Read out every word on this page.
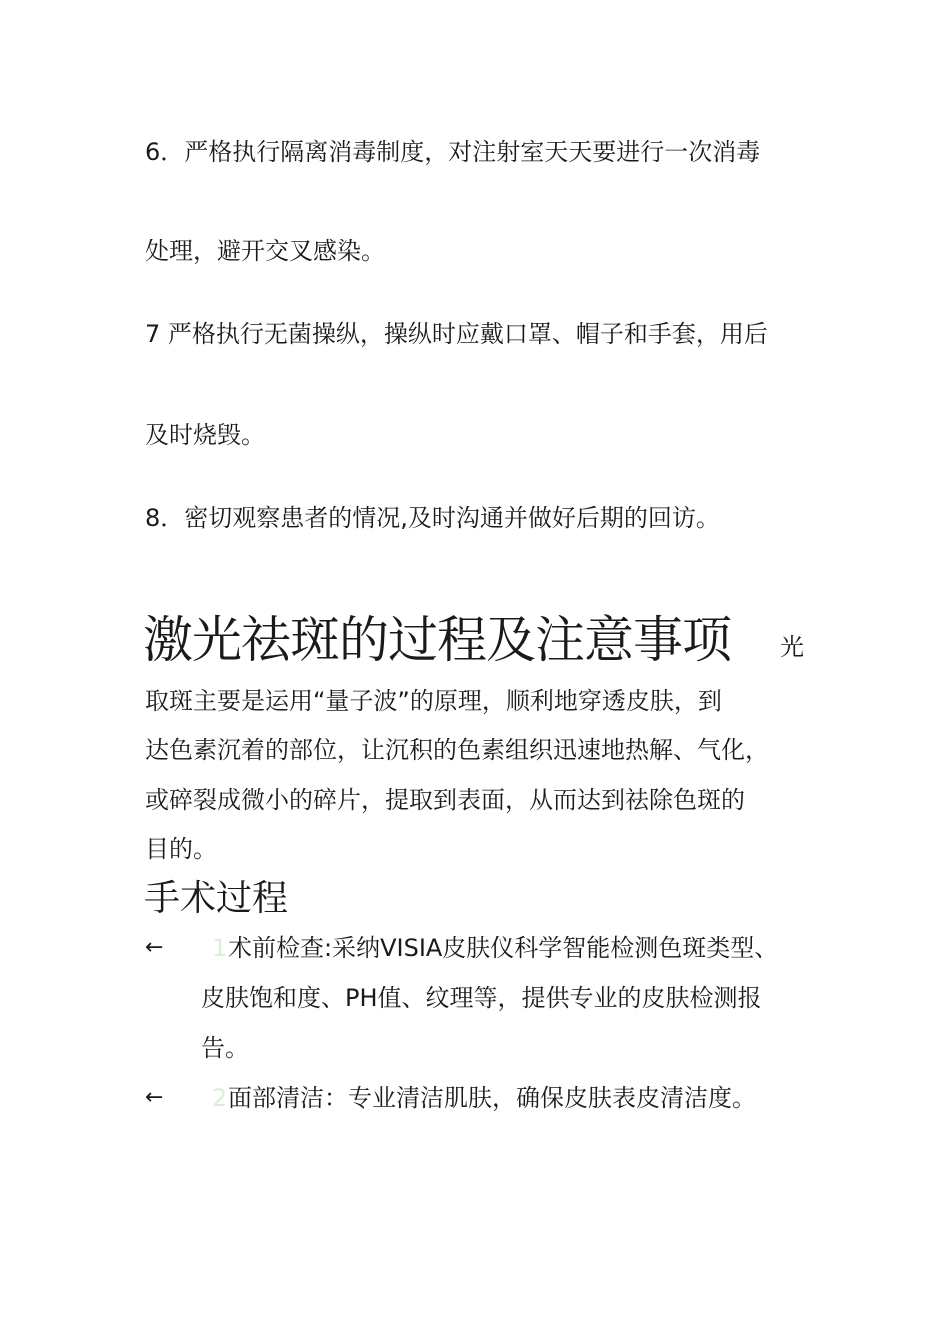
6．严格执行隔离消毒制度，对注射室天天要进行一次消毒
处理，避开交叉感染。
7 严格执行无菌操纵，操纵时应戴口罩、帽子和手套，用后
及时烧毁。
8．密切观察患者的情况,及时沟通并做好后期的回访。
激光祛斑的过程及注意事项 光
取斑主要是运用“量子波”的原理，顺利地穿透皮肤，到
达色素沉着的部位，让沉积的色素组织迅速地热解、气化，
或碎裂成微小的碎片，提取到表面，从而达到祛除色斑的
目的。
手术过程
← 1 术前检查:采纳VISIA皮肤仪科学智能检测色斑类型、
皮肤饱和度、PH值、纹理等，提供专业的皮肤检测报
告。
← 2 面部清洁：专业清洁肌肤，确保皮肤表皮清洁度。
